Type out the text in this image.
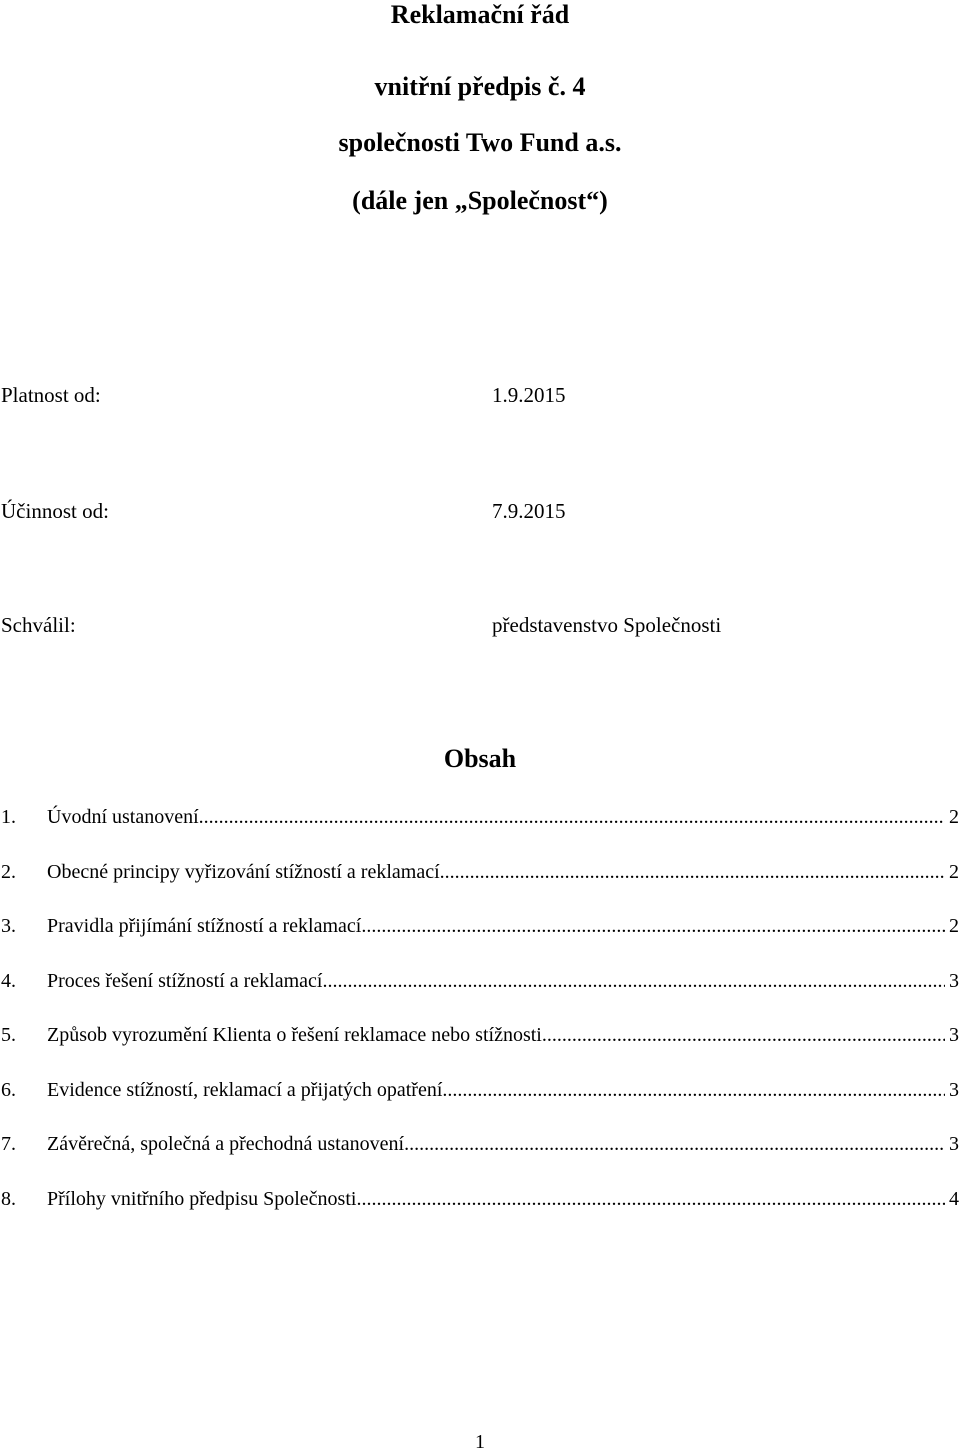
Reklamační řád
vnitřní předpis č. 4
společnosti Two Fund a.s.
(dále jen „Společnost“)
Platnost od:	1.9.2015
Účinnost od:	7.9.2015
Schválil:	představenstvo Společnosti
Obsah
1.	Úvodní ustanovení .....	2
2.	Obecné principy vyřizování stížností a reklamací .....	2
3.	Pravidla přijímání stížností a reklamací .....	2
4.	Proces řešení stížností a reklamací .....	3
5.	Způsob vyrozumění Klienta o řešení reklamace nebo stížnosti .....	3
6.	Evidence stížností, reklamací a přijatých opatření .....	3
7.	Závěrečná, společná a přechodná ustanovení .....	3
8.	Přílohy vnitřního předpisu Společnosti .....	4
1
